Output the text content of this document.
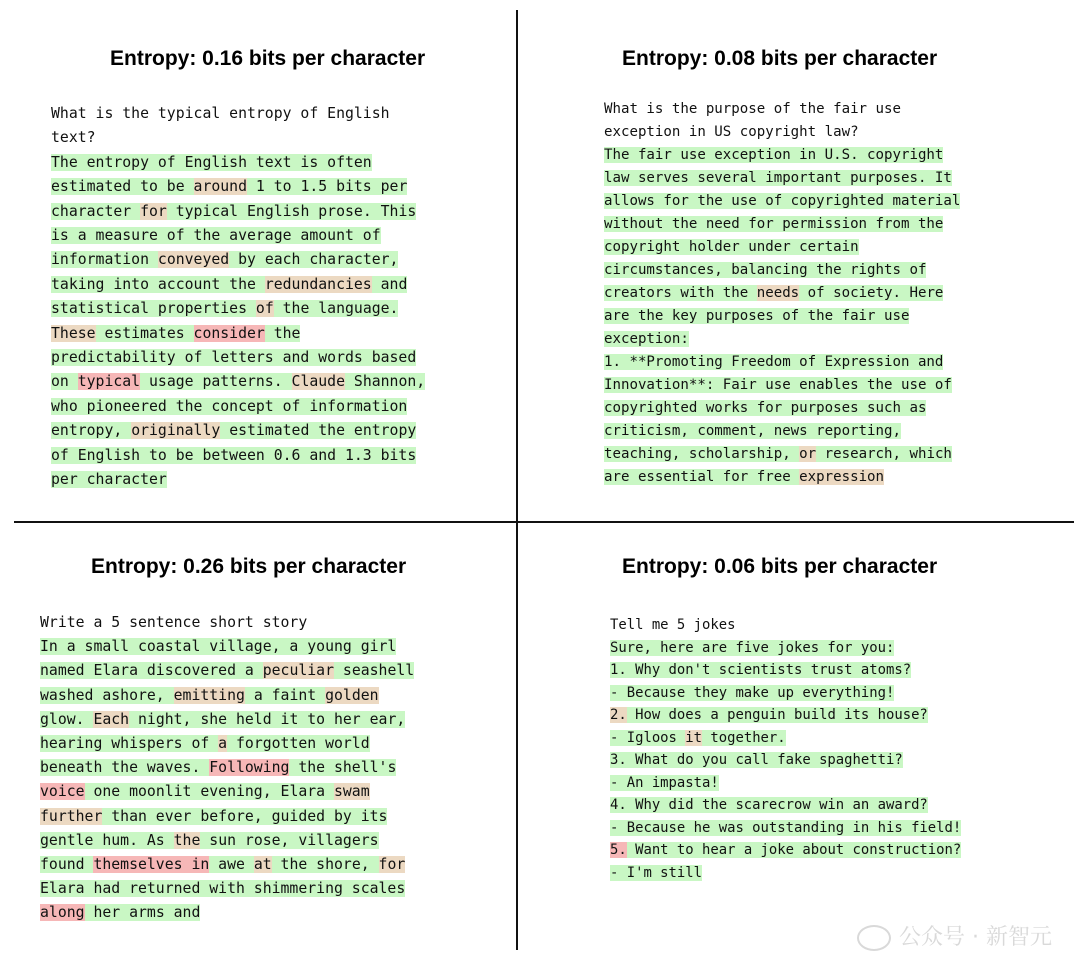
Entropy: 0.16 bits per character	Entropy: 0.08 bits per character
Entropy: 0.26 bits per character	Entropy: 0.06 bits per character
What is the typical entropy of English
text?
The entropy of English text is often
estimated to be around 1 to 1.5 bits per
character for typical English prose. This
is a measure of the average amount of
information conveyed by each character,
taking into account the redundancies and
statistical properties of the language.
These estimates consider the
predictability of letters and words based
on typical usage patterns. Claude Shannon,
who pioneered the concept of information
entropy, originally estimated the entropy
of English to be between 0.6 and 1.3 bits
per character
What is the purpose of the fair use
exception in US copyright law?
The fair use exception in U.S. copyright
law serves several important purposes. It
allows for the use of copyrighted material
without the need for permission from the
copyright holder under certain
circumstances, balancing the rights of
creators with the needs of society. Here
are the key purposes of the fair use
exception:
1. **Promoting Freedom of Expression and
Innovation**: Fair use enables the use of
copyrighted works for purposes such as
criticism, comment, news reporting,
teaching, scholarship, or research, which
are essential for free expression
Write a 5 sentence short story
In a small coastal village, a young girl
named Elara discovered a peculiar seashell
washed ashore, emitting a faint golden
glow. Each night, she held it to her ear,
hearing whispers of a forgotten world
beneath the waves. Following the shell's
voice one moonlit evening, Elara swam
further than ever before, guided by its
gentle hum. As the sun rose, villagers
found themselves in awe at the shore, for
Elara had returned with shimmering scales
along her arms and
Tell me 5 jokes
Sure, here are five jokes for you:
1. Why don't scientists trust atoms?
- Because they make up everything!
2. How does a penguin build its house?
- Igloos it together.
3. What do you call fake spaghetti?
- An impasta!
4. Why did the scarecrow win an award?
- Because he was outstanding in his field!
5. Want to hear a joke about construction?
- I'm still
公众号 · 新智元
